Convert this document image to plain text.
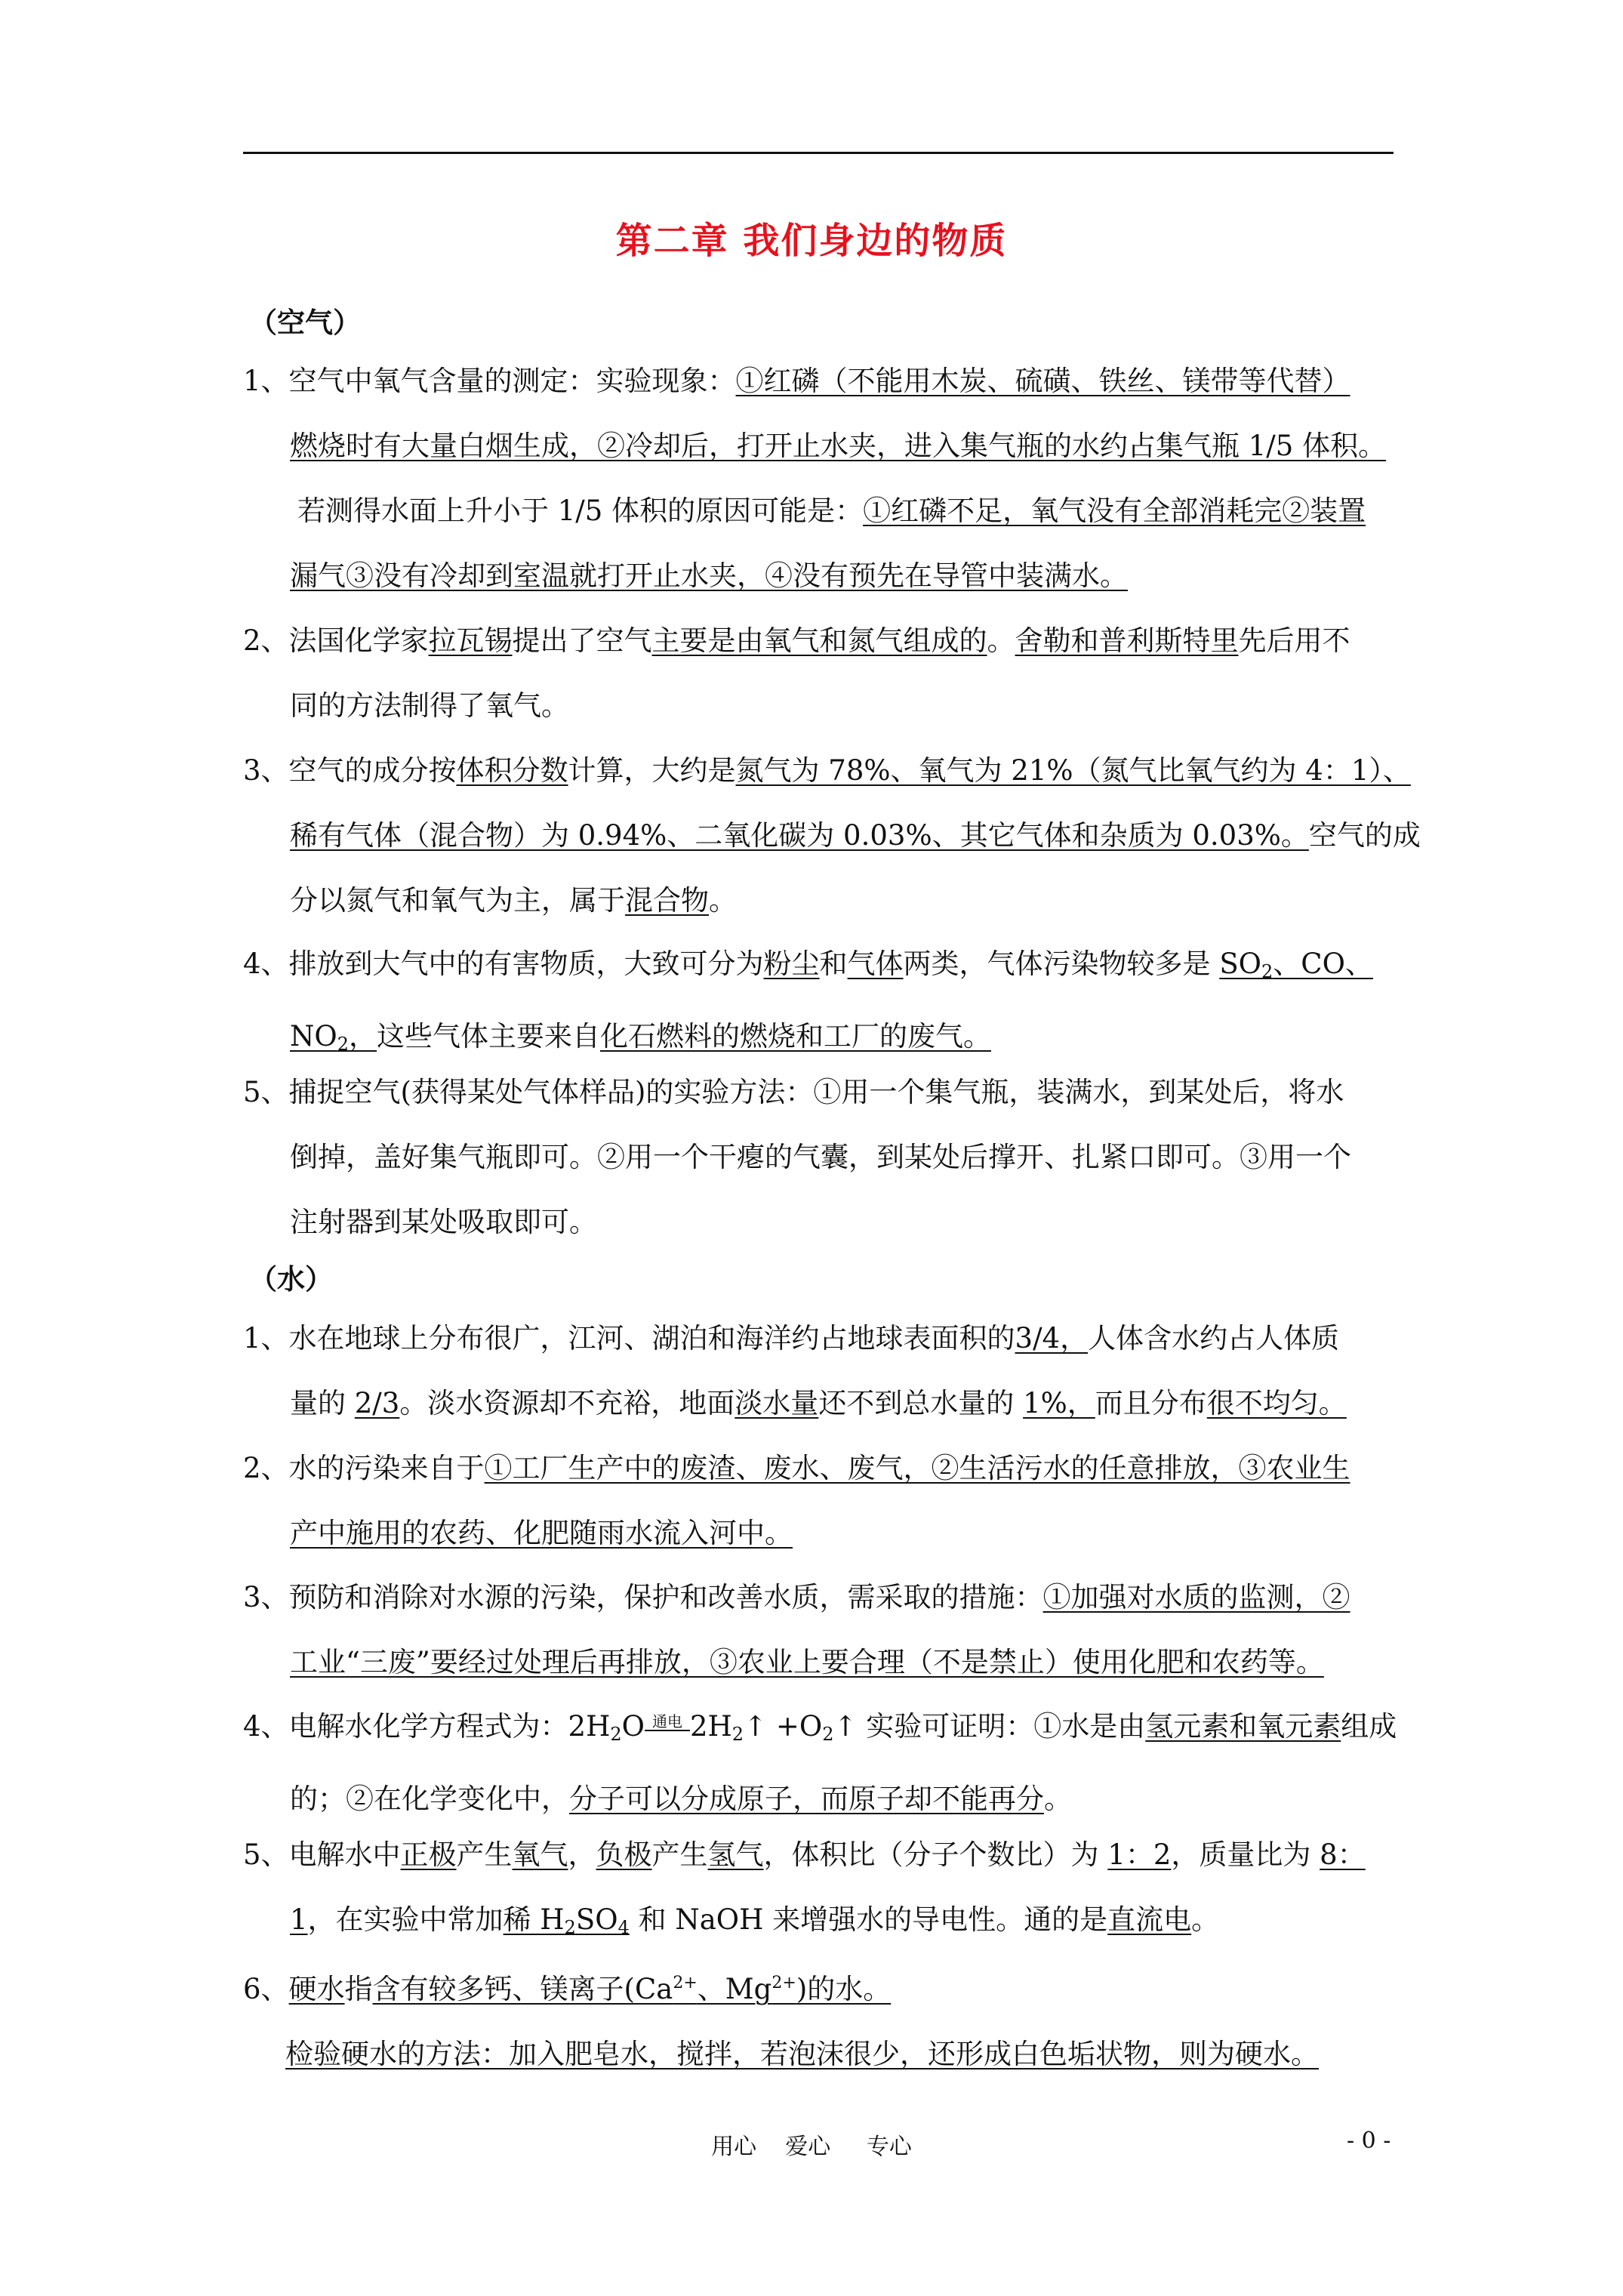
第二章 我们身边的物质
（空气）
1、空气中氧气含量的测定：实验现象：①红磷（不能用木炭、硫磺、铁丝、镁带等代替）
燃烧时有大量白烟生成，②冷却后，打开止水夹，进入集气瓶的水约占集气瓶 1/5 体积。
若测得水面上升小于 1/5 体积的原因可能是：①红磷不足，氧气没有全部消耗完②装置
漏气③没有冷却到室温就打开止水夹，④没有预先在导管中装满水。
2、法国化学家拉瓦锡提出了空气主要是由氧气和氮气组成的。舍勒和普利斯特里先后用不
同的方法制得了氧气。
3、空气的成分按体积分数计算，大约是氮气为 78%、氧气为 21%（氮气比氧气约为 4：1）、
稀有气体（混合物）为 0.94%、二氧化碳为 0.03%、其它气体和杂质为 0.03%。空气的成
分以氮气和氧气为主，属于混合物。
4、排放到大气中的有害物质，大致可分为粉尘和气体两类，气体污染物较多是 $SO_2$、CO、
$NO_2$，这些气体主要来自化石燃料的燃烧和工厂的废气。
5、捕捉空气(获得某处气体样品)的实验方法：①用一个集气瓶，装满水，到某处后，将水
倒掉，盖好集气瓶即可。②用一个干瘪的气囊，到某处后撑开、扎紧口即可。③用一个
注射器到某处吸取即可。
（水）
1、水在地球上分布很广，江河、湖泊和海洋约占地球表面积的3/4，人体含水约占人体质
量的 2/3。淡水资源却不充裕，地面淡水量还不到总水量的 1%，而且分布很不均匀。
2、水的污染来自于①工厂生产中的废渣、废水、废气，②生活污水的任意排放，③农业生
产中施用的农药、化肥随雨水流入河中。
3、预防和消除对水源的污染，保护和改善水质，需采取的措施：①加强对水质的监测，②
工业“三废”要经过处理后再排放，③农业上要合理（不是禁止）使用化肥和农药等。
4、电解水化学方程式为：$2H_2O$ 通电 $2H_2↑$ $+O_2↑$ 实验可证明：①水是由氢元素和氧元素组成
的；②在化学变化中，分子可以分成原子，而原子却不能再分。
5、电解水中正极产生氧气，负极产生氢气，体积比（分子个数比）为 1：2，质量比为 8：
1，在实验中常加稀 $H_2SO_4$ 和 NaOH 来增强水的导电性。通的是直流电。
6、硬水指含有较多钙、镁离子($Ca^{2+}$、$Mg^{2+}$)的水。
检验硬水的方法：加入肥皂水，搅拌，若泡沫很少，还形成白色垢状物，则为硬水。
用心    爱心     专心	- 0 -
